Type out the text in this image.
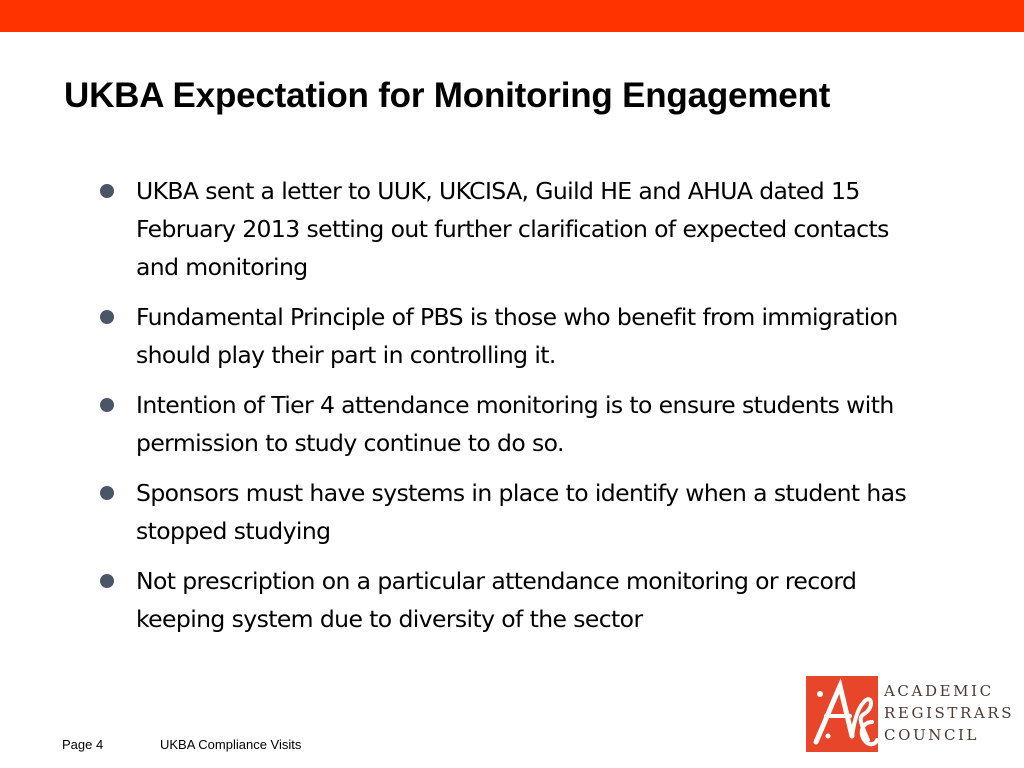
UKBA Expectation for Monitoring Engagement
UKBA sent a letter to UUK, UKCISA, Guild HE and AHUA dated 15 February 2013 setting out further clarification of expected contacts and monitoring
Fundamental Principle of PBS is those who benefit from immigration should play their part in controlling it.
Intention of Tier 4 attendance monitoring is to ensure students with permission to study continue to do so.
Sponsors must have systems in place to identify when a student has stopped studying
Not prescription on a particular attendance monitoring or record keeping system due to diversity of the sector
Page 4	UKBA Compliance Visits
ACADEMIC
REGISTRARS
COUNCIL
